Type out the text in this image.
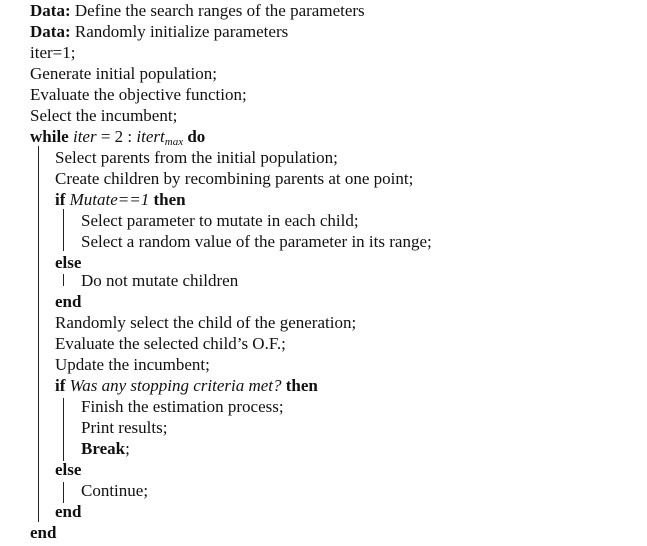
Data: Define the search ranges of the parameters
Data: Randomly initialize parameters
iter=1;
Generate initial population;
Evaluate the objective function;
Select the incumbent;
while iter = 2 : itert$_{max}$ do
Select parents from the initial population;
Create children by recombining parents at one point;
if Mutate==1 then
Select parameter to mutate in each child;
Select a random value of the parameter in its range;
else
Do not mutate children
end
Randomly select the child of the generation;
Evaluate the selected child’s O.F.;
Update the incumbent;
if Was any stopping criteria met? then
Finish the estimation process;
Print results;
Break;
else
Continue;
end
end
